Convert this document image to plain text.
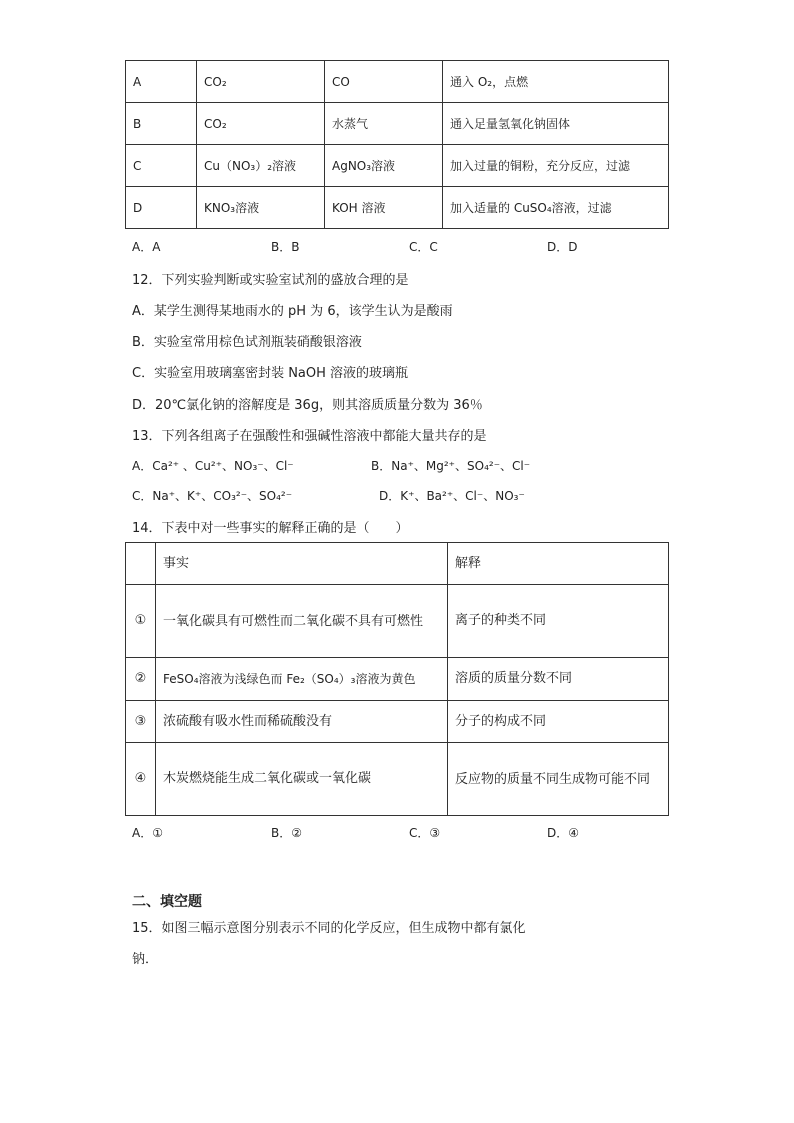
A	CO₂	CO	通入 O₂，点燃
B	CO₂	水蒸气	通入足量氢氧化钠固体
C	Cu（NO₃）₂溶液	AgNO₃溶液	加入过量的铜粉，充分反应，过滤
D	KNO₃溶液	KOH 溶液	加入适量的 CuSO₄溶液，过滤
A．A	B．B	C．C	D．D
12．下列实验判断或实验室试剂的盛放合理的是
A．某学生测得某地雨水的 pH 为 6，该学生认为是酸雨
B．实验室常用棕色试剂瓶装硝酸银溶液
C．实验室用玻璃塞密封装 NaOH 溶液的玻璃瓶
D．20℃氯化钠的溶解度是 36g，则其溶质质量分数为 36％
13．下列各组离子在强酸性和强碱性溶液中都能大量共存的是
A．Ca²⁺ 、Cu²⁺、NO₃⁻、Cl⁻	B．Na⁺、Mg²⁺、SO₄²⁻、Cl⁻
C．Na⁺、K⁺、CO₃²⁻、SO₄²⁻	D．K⁺、Ba²⁺、Cl⁻、NO₃⁻
14．下表中对一些事实的解释正确的是（　　）
	事实	解释
①	一氧化碳具有可燃性而二氧化碳不具有可燃性	离子的种类不同
②	FeSO₄溶液为浅绿色而 Fe₂（SO₄）₃溶液为黄色	溶质的质量分数不同
③	浓硫酸有吸水性而稀硫酸没有	分子的构成不同
④	木炭燃烧能生成二氧化碳或一氧化碳	反应物的质量不同生成物可能不同
A．①	B．②	C．③	D．④
二、填空题
15．如图三幅示意图分别表示不同的化学反应，但生成物中都有氯化
钠．
